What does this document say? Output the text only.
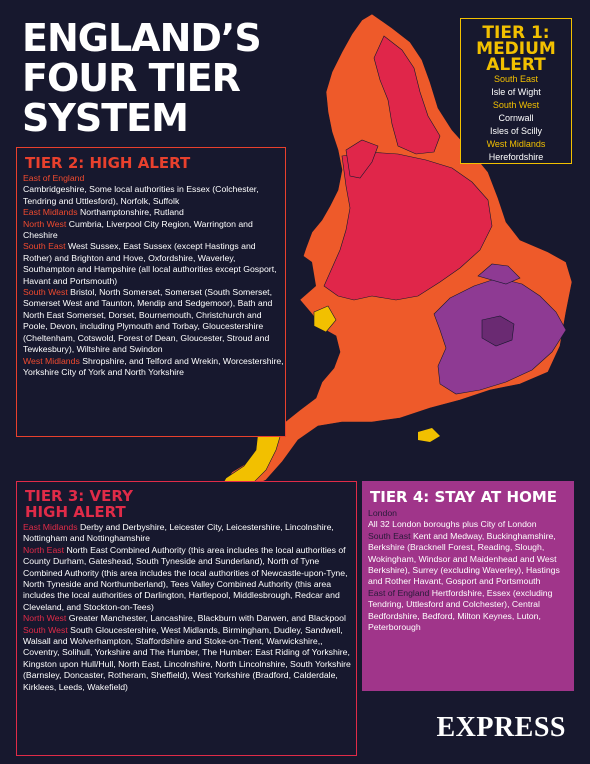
ENGLAND’S
FOUR TIER
SYSTEM
TIER 1:
MEDIUM
ALERT
South East
Isle of Wight
South West
Cornwall
Isles of Scilly
West Midlands
Herefordshire
TIER 2: HIGH ALERT

East of England
Cambridgeshire, Some local authorities in Essex (Colchester, Tendring and Uttlesford), Norfolk, Suffolk

East Midlands Northamptonshire, Rutland

North West Cumbria, Liverpool City Region, Warrington and Cheshire

South East West Sussex, East Sussex (except Hastings and Rother) and Brighton and Hove, Oxfordshire, Waverley, Southampton and Hampshire (all local authorities except Gosport, Havant and Portsmouth)

South West Bristol, North Somerset, Somerset (South Somerset, Somerset West and Taunton, Mendip and Sedgemoor), Bath and North East Somerset, Dorset, Bournemouth, Christchurch and Poole, Devon, including Plymouth and Torbay, Gloucestershire (Cheltenham, Cotswold, Forest of Dean, Gloucester, Stroud and Tewkesbury), Wiltshire and Swindon

West Midlands Shropshire, and Telford and Wrekin, Worcestershire, Yorkshire City of York and North Yorkshire

TIER 3: VERY
HIGH ALERT

East Midlands Derby and Derbyshire, Leicester City, Leicestershire, Lincolnshire, Nottingham and Nottinghamshire

North East North East Combined Authority (this area includes the local authorities of County Durham, Gateshead, South Tyneside and Sunderland), North of Tyne Combined Authority (this area includes the local authorities of Newcastle-upon-Tyne, North Tyneside and Northumberland), Tees Valley Combined Authority (this area includes the local authorities of Darlington, Hartlepool, Middlesbrough, Redcar and Cleveland, and Stockton-on-Tees)

North West Greater Manchester, Lancashire, Blackburn with Darwen, and Blackpool

South West South Gloucestershire, West Midlands, Birmingham, Dudley, Sandwell, Walsall and Wolverhampton, Staffordshire and Stoke-on-Trent, Warwickshire,, Coventry, Solihull, Yorkshire and The Humber, The Humber: East Riding of Yorkshire, Kingston upon Hull/Hull, North East, Lincolnshire, North Lincolnshire, South Yorkshire (Barnsley, Doncaster, Rotheram, Sheffield), West Yorkshire (Bradford, Calderdale, Kirklees, Leeds, Wakefield)

TIER 4: STAY AT HOME

London
All 32 London boroughs plus City of London

South East Kent and Medway, Buckinghamshire, Berkshire (Bracknell Forest, Reading, Slough, Wokingham, Windsor and Maidenhead and West Berkshire), Surrey (excluding Waverley), Hastings and Rother Havant, Gosport and Portsmouth

East of England Hertfordshire, Essex (excluding Tendring, Uttlesford and Colchester), Central Bedfordshire, Bedford, Milton Keynes, Luton, Peterborough

EXPRESS
